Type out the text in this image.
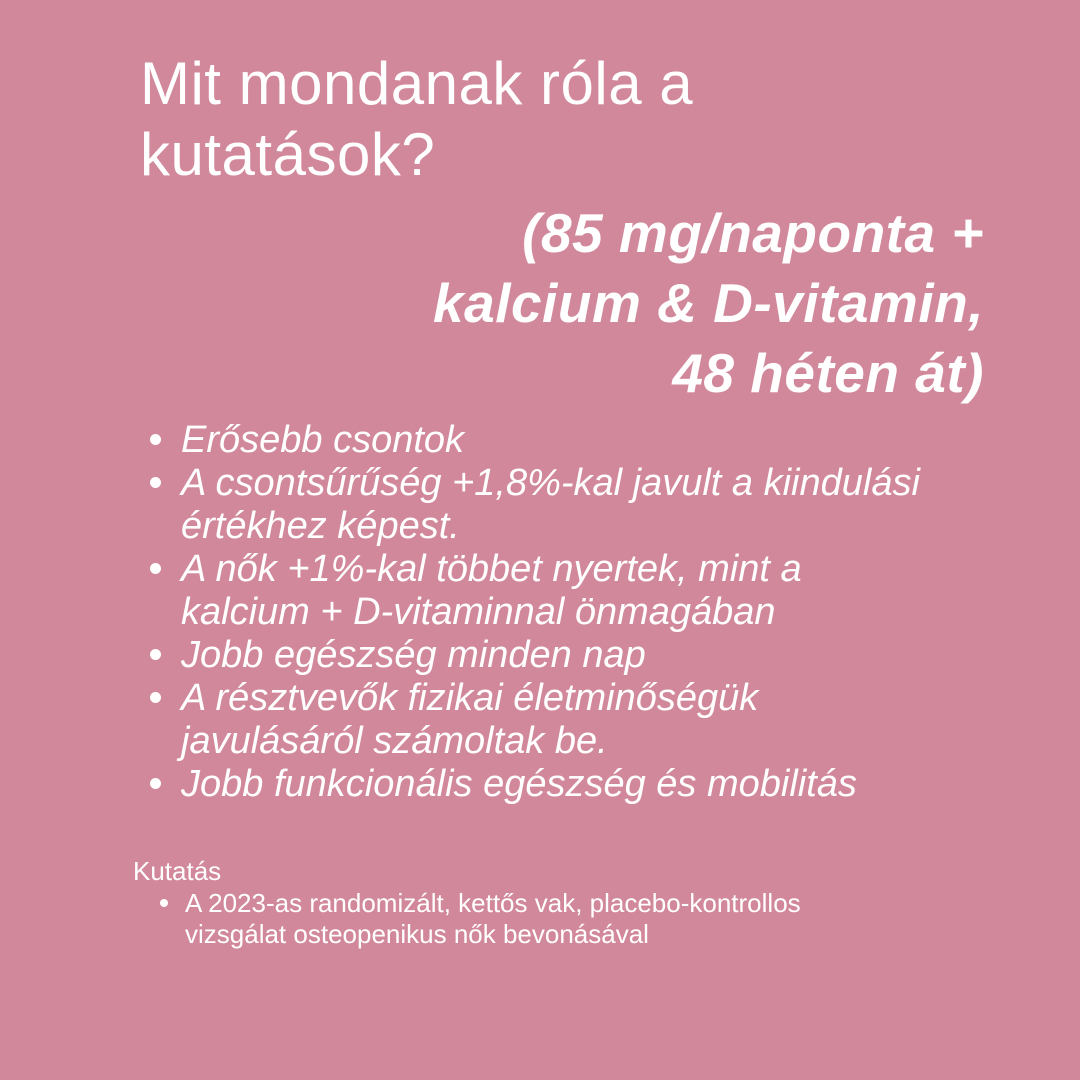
Mit mondanak róla a kutatások?
(85 mg/naponta +
kalcium & D-vitamin,
48 héten át)
Erősebb csontok
A csontsűrűség +1,8%-kal javult a kiindulási értékhez képest.
A nők +1%-kal többet nyertek, mint a kalcium + D-vitaminnal önmagában
Jobb egészség minden nap
A résztvevők fizikai életminőségük javulásáról számoltak be.
Jobb funkcionális egészség és mobilitás

Kutatás

A 2023-as randomizált, kettős vak, placebo-kontrollos vizsgálat osteopenikus nők bevonásával
